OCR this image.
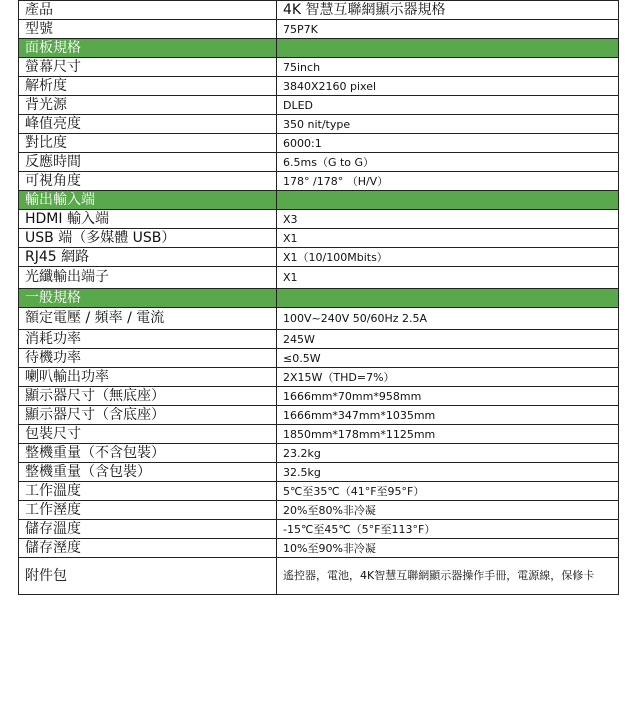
產品	4K 智慧互聯網顯示器規格
型號	75P7K
面板規格	
螢幕尺寸	75inch
解析度	3840X2160 pixel
背光源	DLED
峰值亮度	350 nit/type
對比度	6000:1
反應時間	6.5ms（G to G）
可視角度	178° /178° （H/V）
輸出輸入端	
HDMI 輸入端	X3
USB 端（多媒體 USB）	X1
RJ45 網路	X1（10/100Mbits）
光纖輸出端子	X1
一般規格	
額定電壓 / 頻率 / 電流	100V~240V 50/60Hz 2.5A
消耗功率	245W
待機功率	≤0.5W
喇叭輸出功率	2X15W（THD=7%）
顯示器尺寸（無底座）	1666mm*70mm*958mm
顯示器尺寸（含底座）	1666mm*347mm*1035mm
包裝尺寸	1850mm*178mm*1125mm
整機重量（不含包裝）	23.2kg
整機重量（含包裝）	32.5kg
工作溫度	5℃至35℃（41°F至95°F）
工作溼度	20%至80%非冷凝
儲存溫度	-15℃至45℃（5°F至113°F）
儲存溼度	10%至90%非冷凝
附件包	遙控器，電池，4K智慧互聯網顯示器操作手冊，電源線，保修卡
